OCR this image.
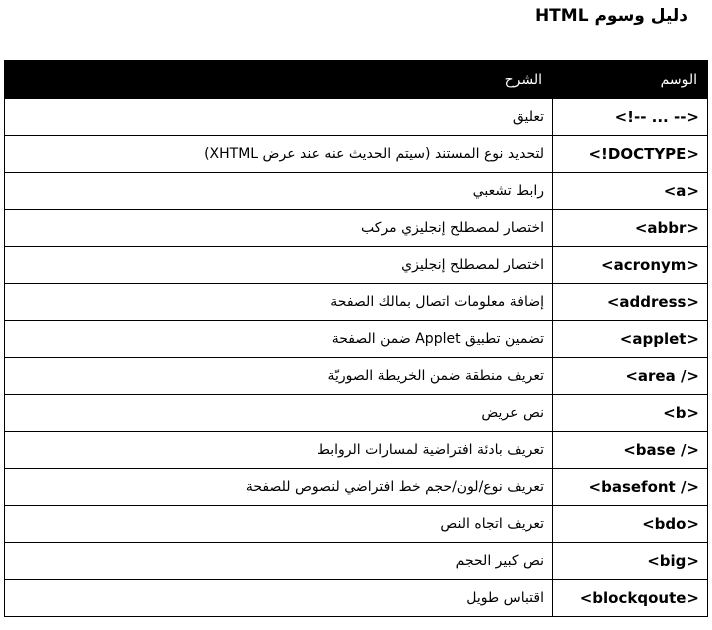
دليل وسوم HTML
الوسم	الشرح
<!-- ... -->	تعليق
<!DOCTYPE>	لتحديد نوع المستند (سيتم الحديث عنه عند عرض XHTML)
<a>	رابط تشعبي
<abbr>	اختصار لمصطلح إنجليزي مركب
<acronym>	اختصار لمصطلح إنجليزي
<address>	إضافة معلومات اتصال بمالك الصفحة
<applet>	تضمين تطبيق Applet ضمن الصفحة
<area />	تعريف منطقة ضمن الخريطة الصوريّة
<b>	نص عريض
<base />	تعريف بادئة افتراضية لمسارات الروابط
<basefont />	تعريف نوع/لون/حجم خط افتراضي لنصوص للصفحة
<bdo>	تعريف اتجاه النص
<big>	نص كبير الحجم
<blockqoute>	اقتباس طويل
